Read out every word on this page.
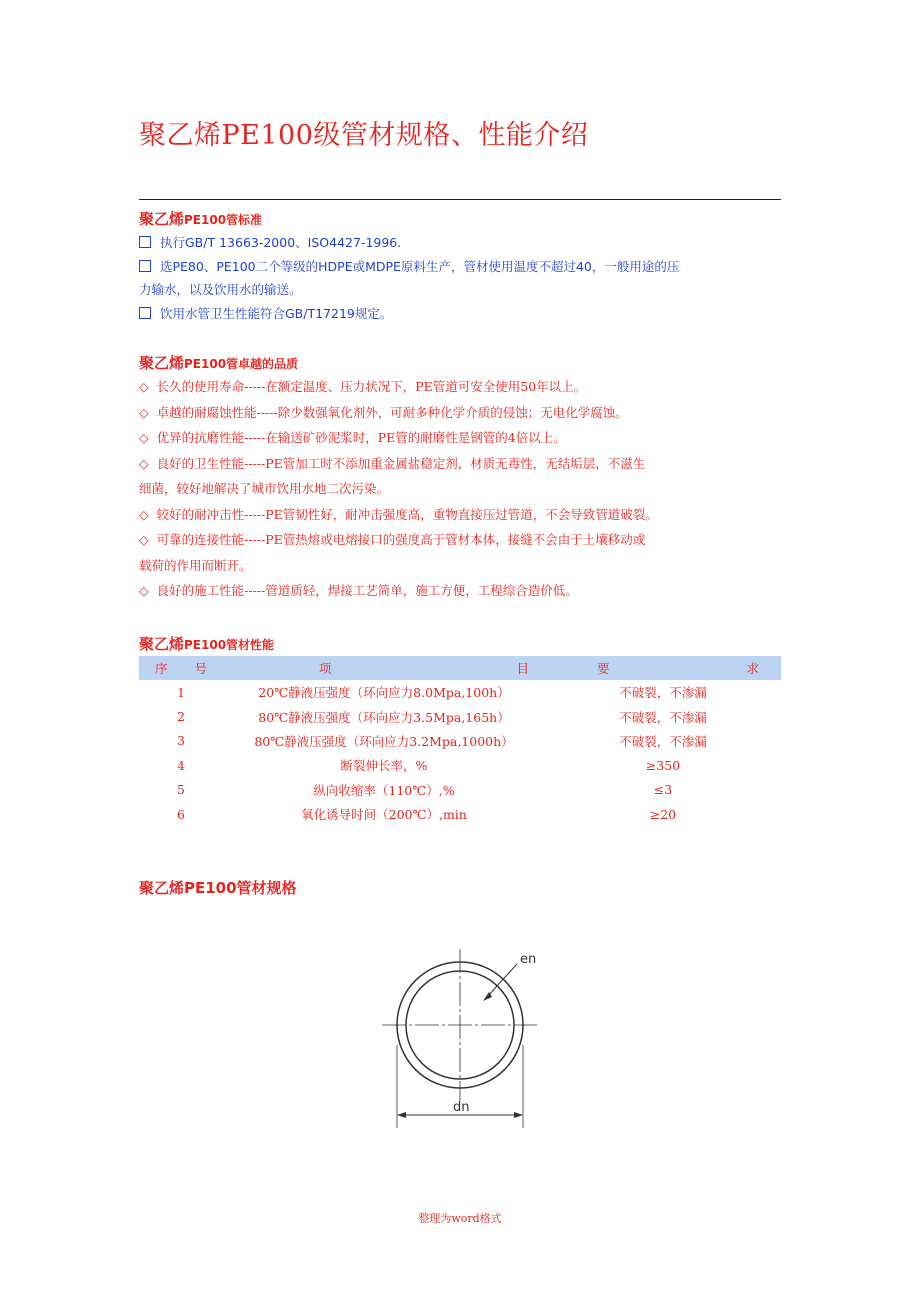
聚乙烯PE100级管材规格、性能介绍
聚乙烯PE100管标准
执行GB/T 13663-2000、ISO4427-1996.
选PE80、PE100二个等级的HDPE或MDPE原料生产，管材使用温度不超过40，一般用途的压
力输水，以及饮用水的输送。
饮用水管卫生性能符合GB/T17219规定。
聚乙烯PE100管卓越的品质
◇ 长久的使用寿命-----在额定温度、压力状况下，PE管道可安全使用50年以上。
◇ 卓越的耐腐蚀性能-----除少数强氧化剂外，可耐多种化学介质的侵蚀；无电化学腐蚀。
◇ 优异的抗磨性能-----在输送矿砂泥浆时，PE管的耐磨性是钢管的4倍以上。
◇ 良好的卫生性能-----PE管加工时不添加重金属盐稳定剂，材质无毒性，无结垢层，不滋生
细菌，较好地解决了城市饮用水地二次污染。
◇ 较好的耐冲击性-----PE管韧性好，耐冲击强度高，重物直接压过管道，不会导致管道破裂。
◇ 可靠的连接性能-----PE管热熔或电熔接口的强度高于管材本体，接缝不会由于土壤移动或
载荷的作用而断开。
◇ 良好的施工性能-----管道质轻，焊接工艺简单，施工方便，工程综合造价低。
聚乙烯PE100管材性能
序 号	项 目	要 求

1	20℃静液压强度（环向应力8.0Mpa,100h）	不破裂，不渗漏
2	80℃静液压强度（环向应力3.5Mpa,165h）	不破裂，不渗漏
3	80℃静液压强度（环向应力3.2Mpa,1000h）	不破裂，不渗漏
4	断裂伸长率，%	≥350
5	纵向收缩率（110℃）,%	≤3
6	氧化诱导时间（200℃）,min	≥20
聚乙烯PE100管材规格
en
dn
整理为word格式
